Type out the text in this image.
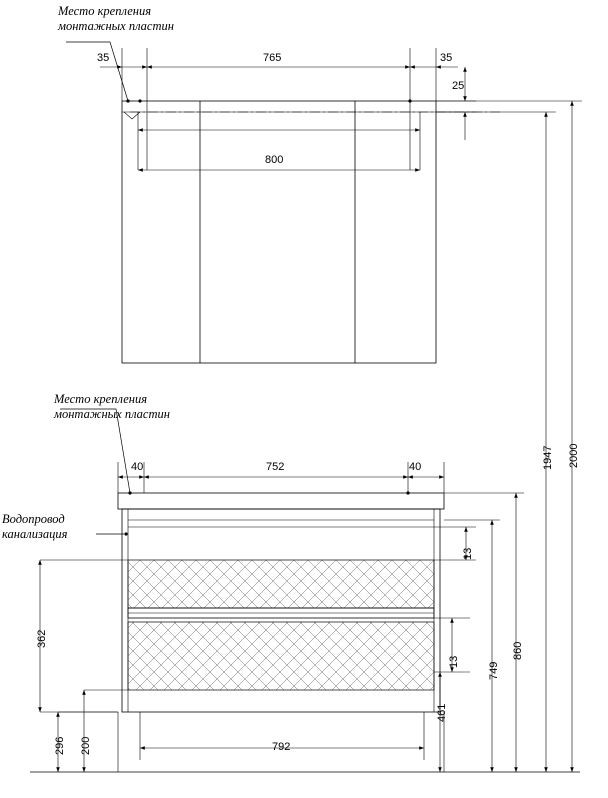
Место крепления
монтажных пластин
Место крепления
монтажных пластин
Водопровод
канализация
35	765	35
25
800
40	752	40
792
362
296 200
13
13
461
749
860
1947 2000
